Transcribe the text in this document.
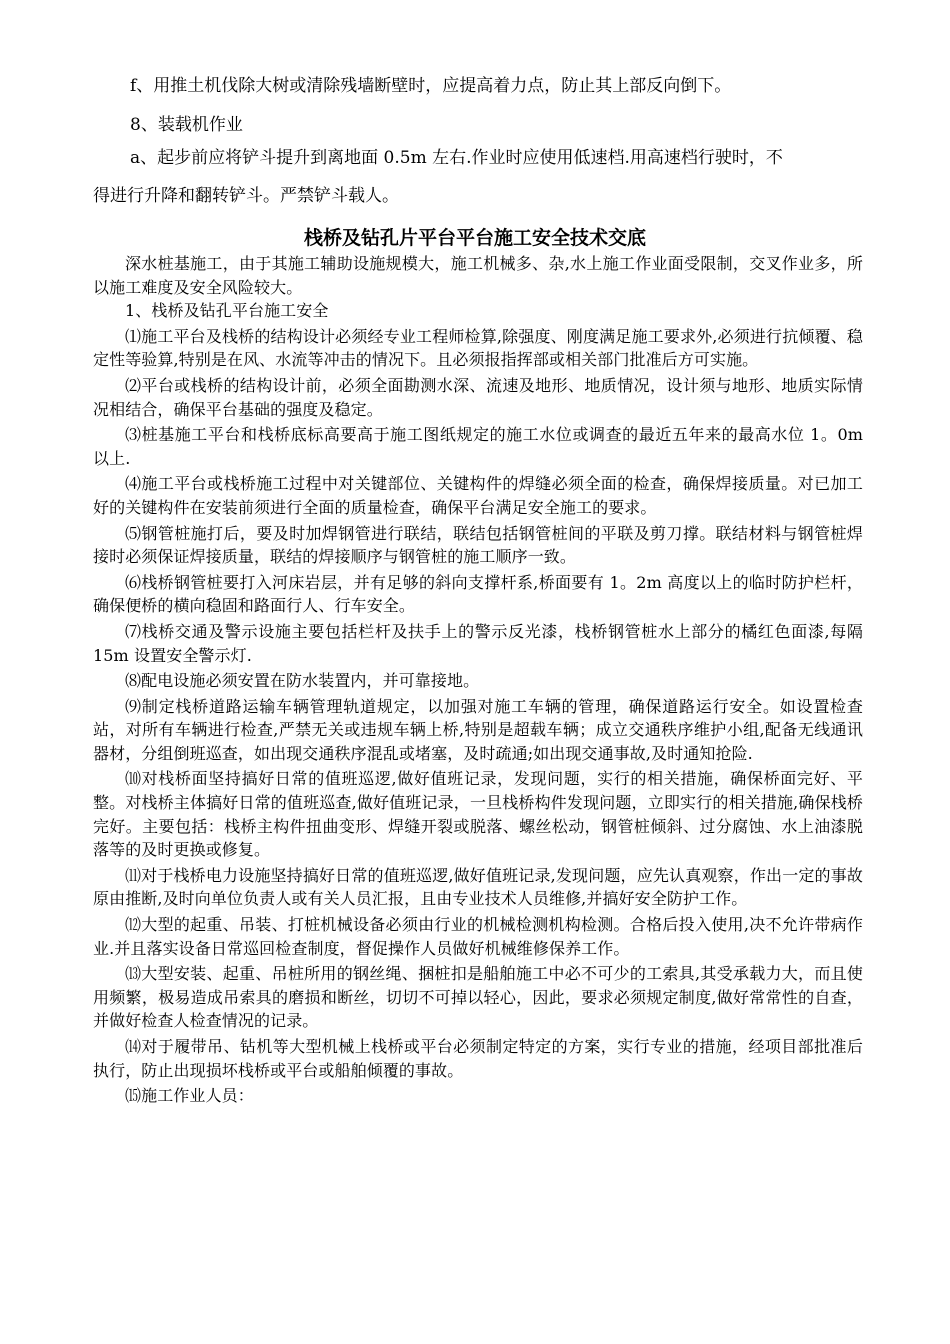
f、用推土机伐除大树或清除残墙断壁时，应提高着力点，防止其上部反向倒下。

8、装载机作业

a、起步前应将铲斗提升到离地面 0.5m 左右.作业时应使用低速档.用高速档行驶时，不

得进行升降和翻转铲斗。严禁铲斗载人。

栈桥及钻孔片平台平台施工安全技术交底

深水桩基施工，由于其施工辅助设施规模大，施工机械多、杂,水上施工作业面受限制，交叉作业多，所以施工难度及安全风险较大。

1、栈桥及钻孔平台施工安全

⑴施工平台及栈桥的结构设计必须经专业工程师检算,除强度、刚度满足施工要求外,必须进行抗倾覆、稳定性等验算,特别是在风、水流等冲击的情况下。且必须报指挥部或相关部门批准后方可实施。

⑵平台或栈桥的结构设计前，必须全面勘测水深、流速及地形、地质情况，设计须与地形、地质实际情况相结合，确保平台基础的强度及稳定。

⑶桩基施工平台和栈桥底标高要高于施工图纸规定的施工水位或调查的最近五年来的最高水位 1。0m 以上.

⑷施工平台或栈桥施工过程中对关键部位、关键构件的焊缝必须全面的检查，确保焊接质量。对已加工好的关键构件在安装前须进行全面的质量检查，确保平台满足安全施工的要求。

⑸钢管桩施打后，要及时加焊钢管进行联结，联结包括钢管桩间的平联及剪刀撑。联结材料与钢管桩焊接时必须保证焊接质量，联结的焊接顺序与钢管桩的施工顺序一致。

⑹栈桥钢管桩要打入河床岩层，并有足够的斜向支撑杆系,桥面要有 1。2m 高度以上的临时防护栏杆，确保便桥的横向稳固和路面行人、行车安全。

⑺栈桥交通及警示设施主要包括栏杆及扶手上的警示反光漆，栈桥钢管桩水上部分的橘红色面漆,每隔 15m 设置安全警示灯.

⑻配电设施必须安置在防水装置内，并可靠接地。

⑼制定栈桥道路运输车辆管理轨道规定，以加强对施工车辆的管理，确保道路运行安全。如设置检查站，对所有车辆进行检查,严禁无关或违规车辆上桥,特别是超载车辆；成立交通秩序维护小组,配备无线通讯器材，分组倒班巡查，如出现交通秩序混乱或堵塞，及时疏通;如出现交通事故,及时通知抢险.

⑽对栈桥面坚持搞好日常的值班巡逻,做好值班记录，发现问题，实行的相关措施，确保桥面完好、平整。对栈桥主体搞好日常的值班巡查,做好值班记录，一旦栈桥构件发现问题，立即实行的相关措施,确保栈桥完好。主要包括：栈桥主构件扭曲变形、焊缝开裂或脱落、螺丝松动，钢管桩倾斜、过分腐蚀、水上油漆脱落等的及时更换或修复。

⑾对于栈桥电力设施坚持搞好日常的值班巡逻,做好值班记录,发现问题，应先认真观察，作出一定的事故原由推断,及时向单位负责人或有关人员汇报，且由专业技术人员维修,并搞好安全防护工作。

⑿大型的起重、吊装、打桩机械设备必须由行业的机械检测机构检测。合格后投入使用,决不允许带病作业.并且落实设备日常巡回检查制度，督促操作人员做好机械维修保养工作。

⒀大型安装、起重、吊桩所用的钢丝绳、捆桩扣是船舶施工中必不可少的工索具,其受承载力大，而且使用频繁，极易造成吊索具的磨损和断丝，切切不可掉以轻心，因此，要求必须规定制度,做好常常性的自查，并做好检查人检查情况的记录。

⒁对于履带吊、钻机等大型机械上栈桥或平台必须制定特定的方案，实行专业的措施，经项目部批准后执行，防止出现损坏栈桥或平台或船舶倾覆的事故。

⒂施工作业人员：
